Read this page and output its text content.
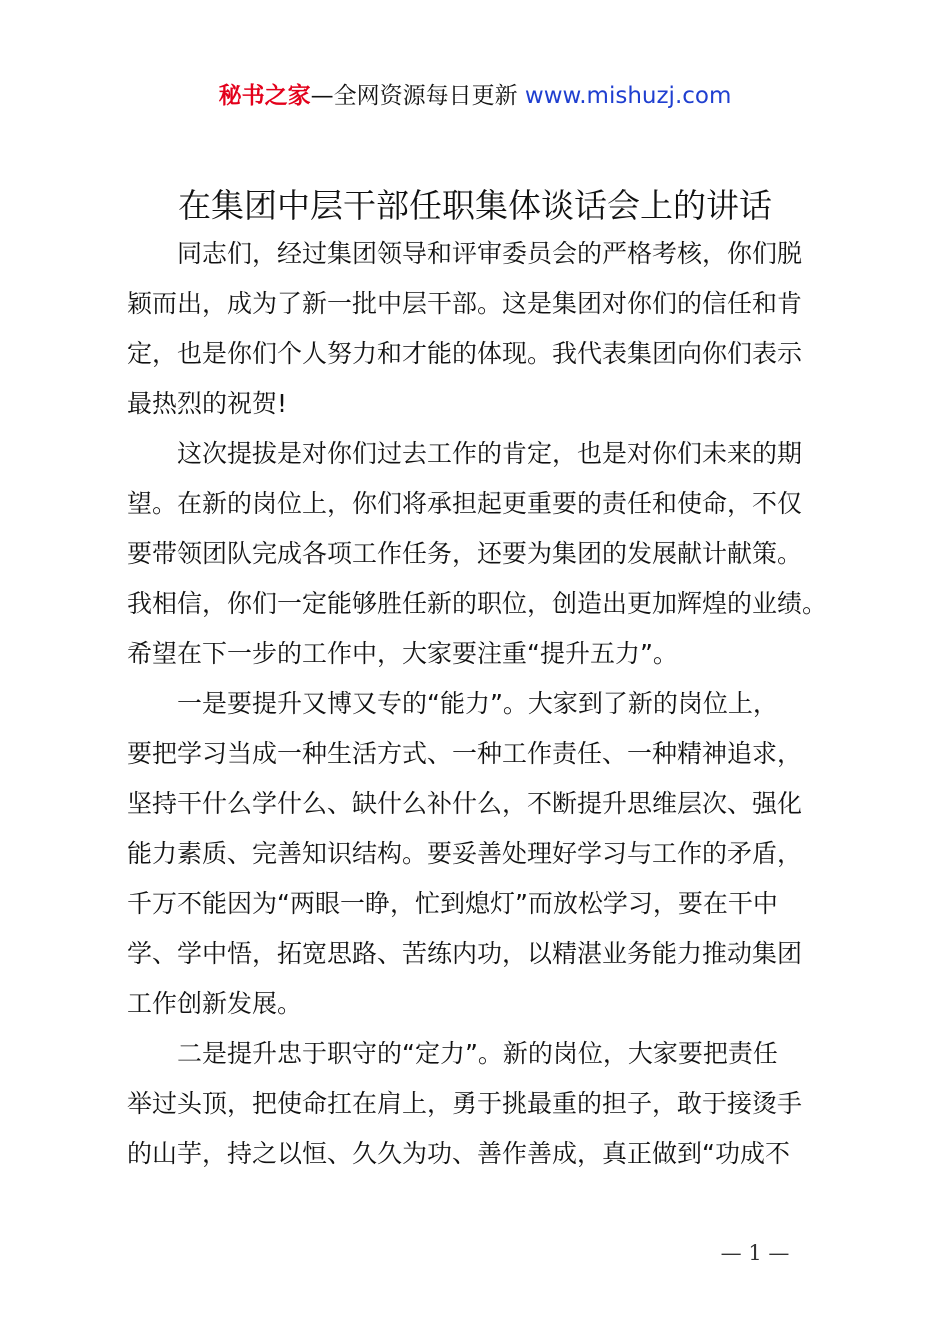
秘书之家—全网资源每日更新 www.mishuzj.com
在集团中层干部任职集体谈话会上的讲话
同志们，经过集团领导和评审委员会的严格考核，你们脱
颖而出，成为了新一批中层干部。这是集团对你们的信任和肯
定，也是你们个人努力和才能的体现。我代表集团向你们表示
最热烈的祝贺!
这次提拔是对你们过去工作的肯定，也是对你们未来的期
望。在新的岗位上，你们将承担起更重要的责任和使命，不仅
要带领团队完成各项工作任务，还要为集团的发展献计献策。
我相信，你们一定能够胜任新的职位，创造出更加辉煌的业绩。
希望在下一步的工作中，大家要注重“提升五力”。
一是要提升又博又专的“能力”。大家到了新的岗位上，
要把学习当成一种生活方式、一种工作责任、一种精神追求，
坚持干什么学什么、缺什么补什么，不断提升思维层次、强化
能力素质、完善知识结构。要妥善处理好学习与工作的矛盾，
千万不能因为“两眼一睁，忙到熄灯”而放松学习，要在干中
学、学中悟，拓宽思路、苦练内功，以精湛业务能力推动集团
工作创新发展。
二是提升忠于职守的“定力”。新的岗位，大家要把责任
举过头顶，把使命扛在肩上，勇于挑最重的担子，敢于接烫手
的山芋，持之以恒、久久为功、善作善成，真正做到“功成不
— 1 —
